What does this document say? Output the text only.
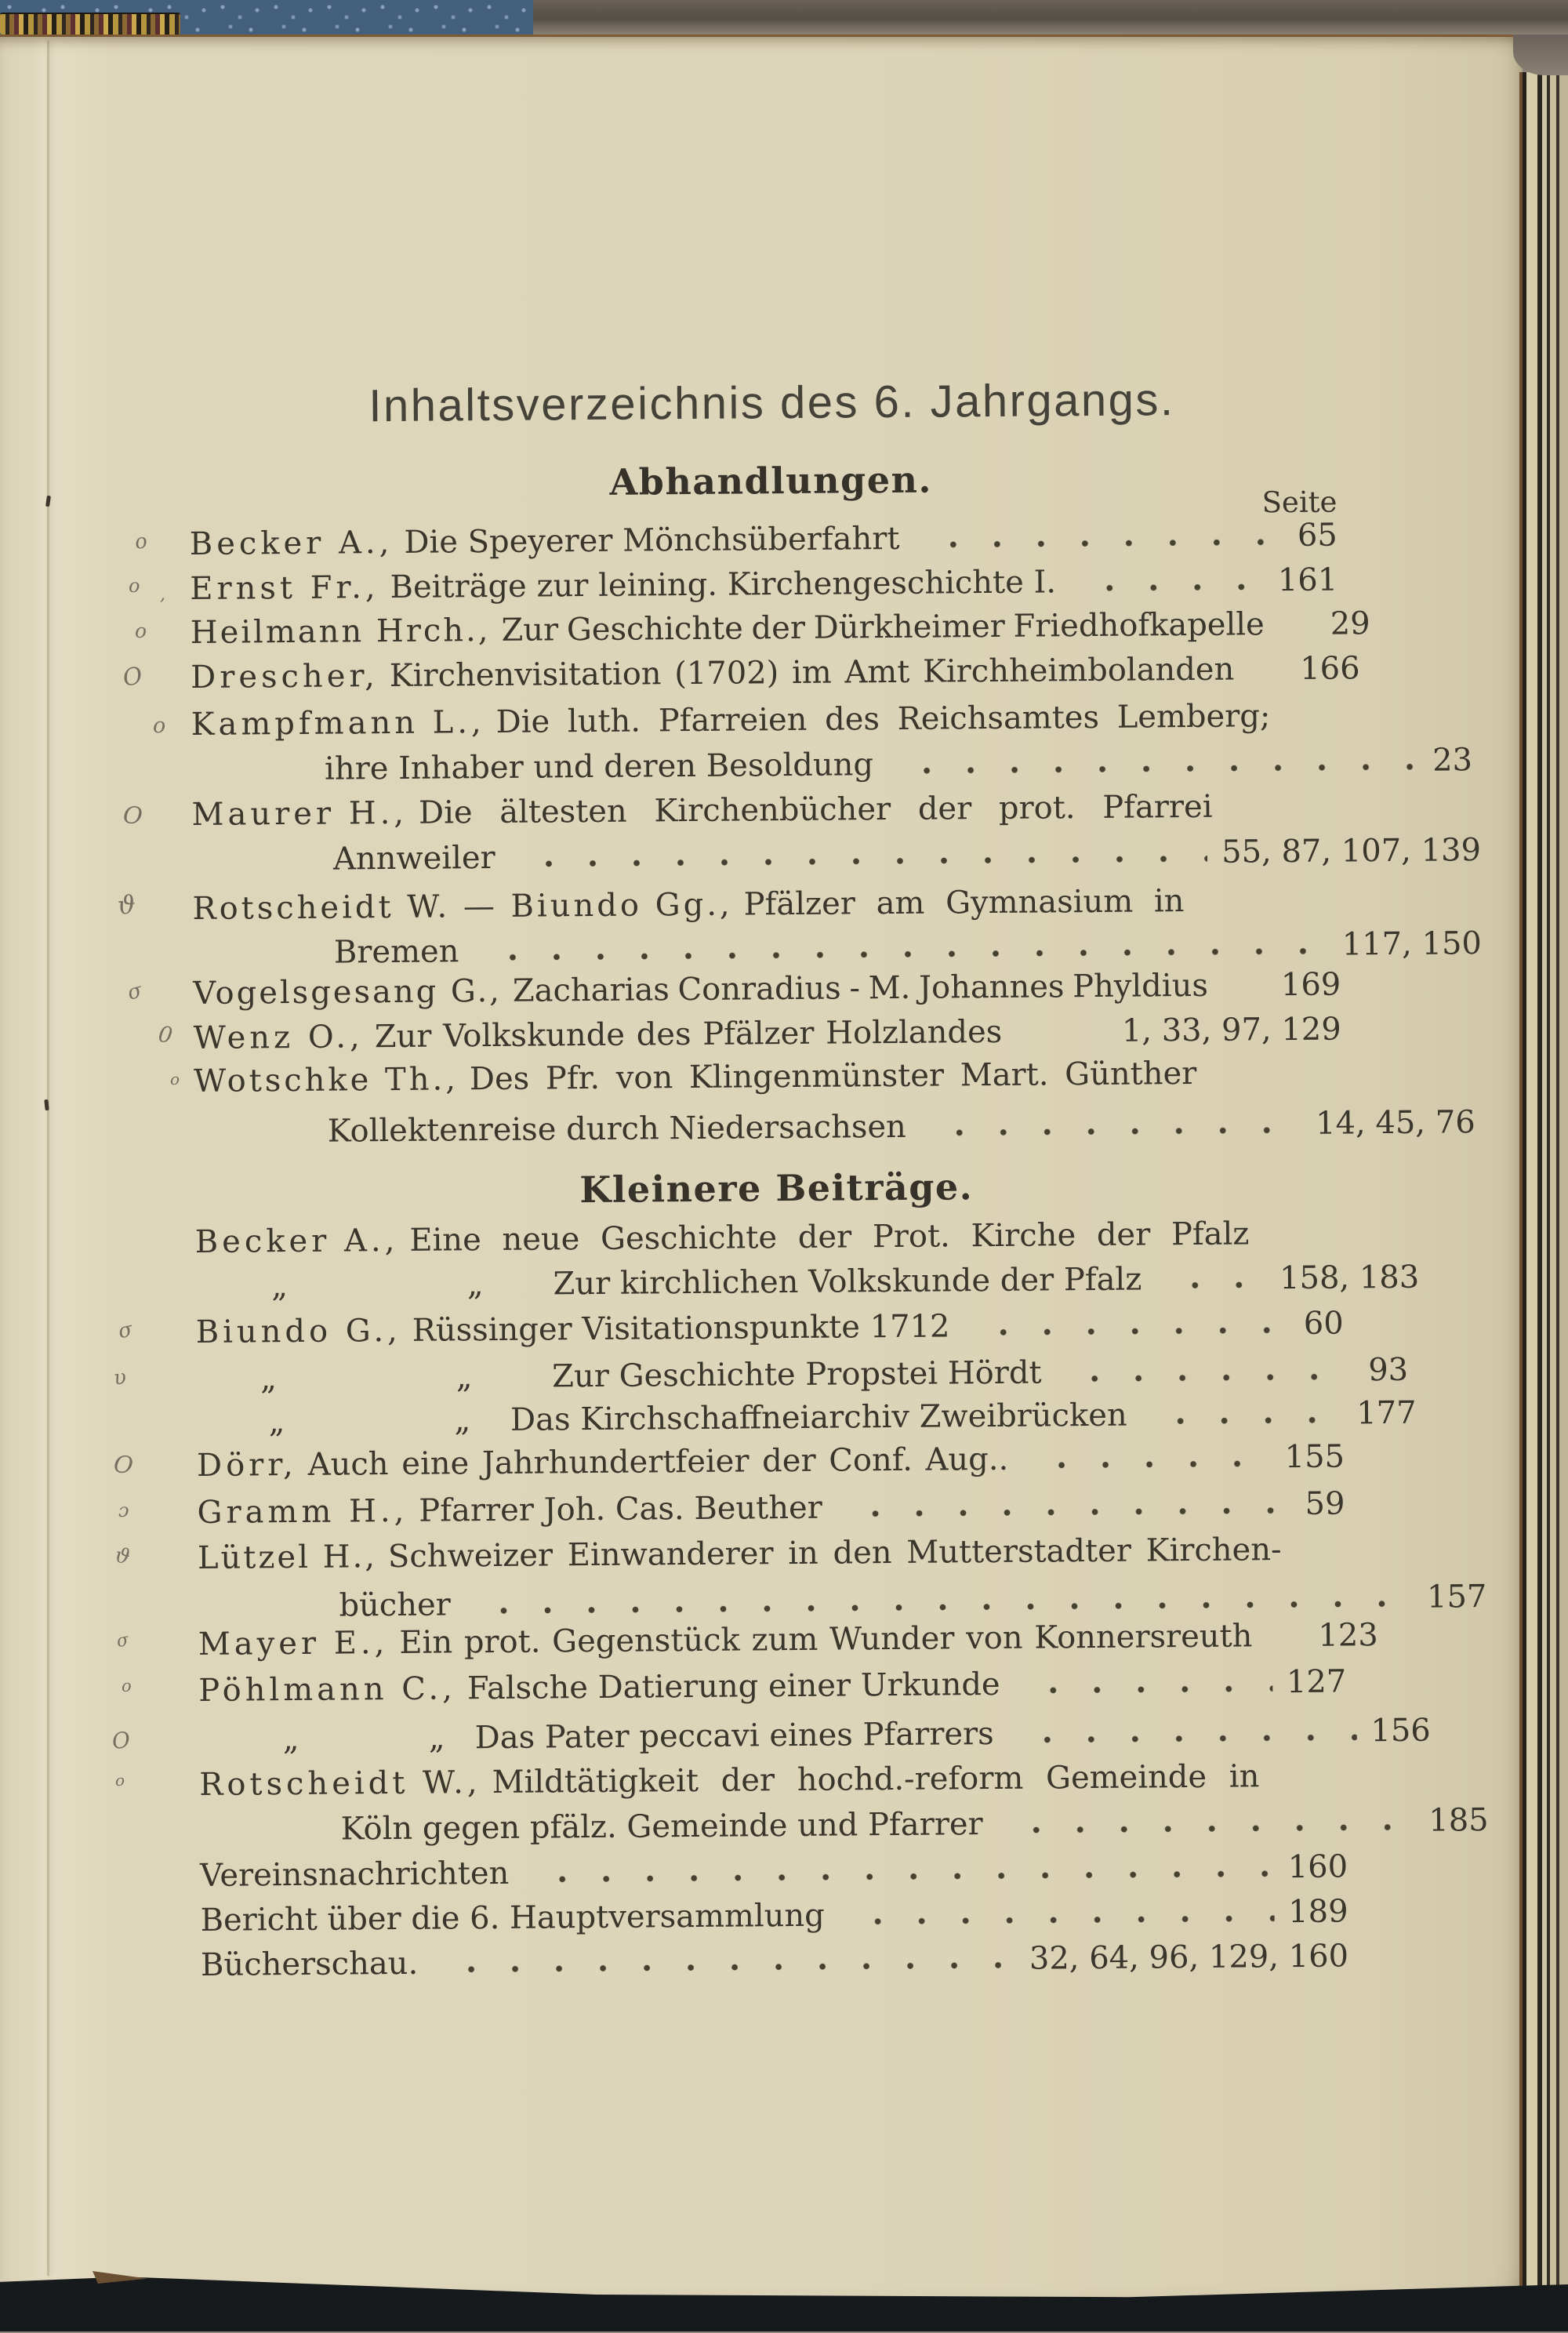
Inhaltsverzeichnis des 6. Jahrgangs.
Seite
Abhandlungen.
Becker A., Die Speyerer Mönchsüberfahrt	65
Ernst Fr., Beiträge zur leining. Kirchengeschichte I.	161
Heilmann Hrch., Zur Geschichte der Dürkheimer Friedhofkapelle 29
Drescher, Kirchenvisitation (1702) im Amt Kirchheimbolanden 166
Kampfmann L., Die luth. Pfarreien des Reichsamtes Lemberg;
ihre Inhaber und deren Besoldung	23
Maurer H., Die ältesten Kirchenbücher der prot. Pfarrei
Annweiler	55, 87, 107, 139
Rotscheidt W. — Biundo Gg., Pfälzer am Gymnasium in
Bremen	117, 150
Vogelsgesang G., Zacharias Conradius - M. Johannes Phyldius 169
Wenz O., Zur Volkskunde des Pfälzer Holzlandes	1, 33, 97, 129
Wotschke Th., Des Pfr. von Klingenmünster Mart. Günther
Kollektenreise durch Niedersachsen	14, 45, 76
Kleinere Beiträge.
Becker A., Eine neue Geschichte der Prot. Kirche der Pfalz
„                  „       Zur kirchlichen Volkskunde der Pfalz	158, 183
Biundo G., Rüssinger Visitationspunkte 1712	60
„                  „        Zur Geschichte Propstei Hördt	93
„                 „    Das Kirchschaffneiarchiv Zweibrücken	177
Dörr, Auch eine Jahrhundertfeier der Conf. Aug..	155
Gramm H., Pfarrer Joh. Cas. Beuther	59
Lützel H., Schweizer Einwanderer in den Mutterstadter Kirchen-
bücher	157
Mayer E., Ein prot. Gegenstück zum Wunder von Konnersreuth 123
Pöhlmann C., Falsche Datierung einer Urkunde	127
„             „   Das Pater peccavi eines Pfarrers	156
Rotscheidt W., Mildtätigkeit der hochd.-reform Gemeinde in
Köln gegen pfälz. Gemeinde und Pfarrer	185
Vereinsnachrichten	160
Bericht über die 6. Hauptversammlung	189
Bücherschau.	32, 64, 96, 129, 160
o
o ,
o
O
o
O
ϑ
σ
0
o
σ
υ
O
ɔ
ϑ
σ
o
O
o
